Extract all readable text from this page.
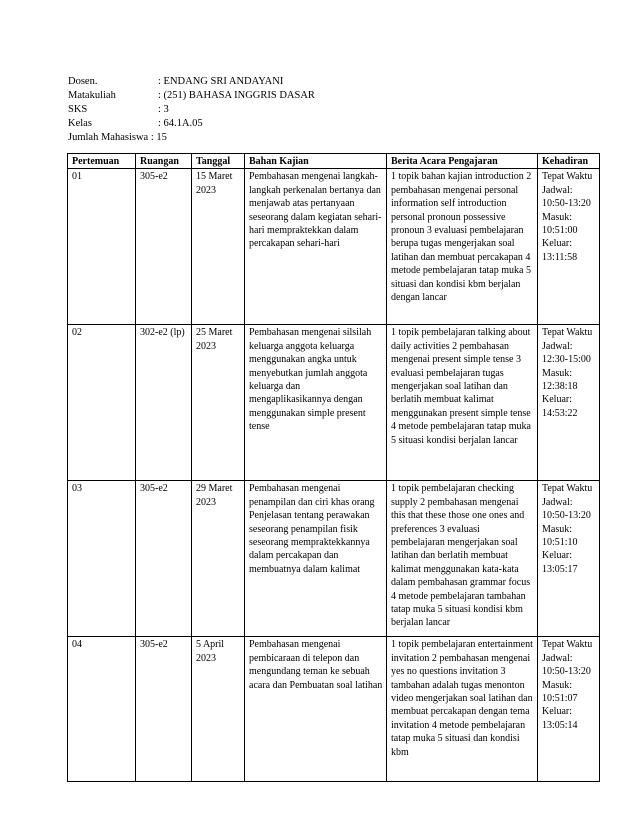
Dosen.	: ENDANG SRI ANDAYANI
Matakuliah	: (251) BAHASA INGGRIS DASAR
SKS	: 3
Kelas	: 64.1A.05
Jumlah Mahasiswa : 15
Pertemuan	Ruangan	Tanggal	Bahan Kajian	Berita Acara Pengajaran	Kehadiran
01	305-e2	15 Maret 2023	Pembahasan mengenai langkah-langkah perkenalan bertanya dan menjawab atas pertanyaan seseorang dalam kegiatan sehari-hari mempraktekkan dalam percakapan sehari-hari	1 topik bahan kajian introduction 2 pembahasan mengenai personal information self introduction personal pronoun possessive pronoun 3 evaluasi pembelajaran berupa tugas mengerjakan soal latihan dan membuat percakapan 4 metode pembelajaran tatap muka 5 situasi dan kondisi kbm berjalan dengan lancar	Tepat Waktu Jadwal: 10:50-13:20 Masuk: 10:51:00 Keluar: 13:11:58
02	302-e2 (lp)	25 Maret 2023	Pembahasan mengenai silsilah keluarga anggota keluarga menggunakan angka untuk menyebutkan jumlah anggota keluarga dan mengaplikasikannya dengan menggunakan simple present tense	1 topik pembelajaran talking about daily activities 2 pembahasan mengenai present simple tense 3 evaluasi pembelajaran tugas mengerjakan soal latihan dan berlatih membuat kalimat menggunakan present simple tense 4 metode pembelajaran tatap muka 5 situasi kondisi berjalan lancar	Tepat Waktu Jadwal: 12:30-15:00 Masuk: 12:38:18 Keluar: 14:53:22
03	305-e2	29 Maret 2023	Pembahasan mengenai penampilan dan ciri khas orang Penjelasan tentang perawakan seseorang penampilan fisik seseorang mempraktekkannya dalam percakapan dan membuatnya dalam kalimat	1 topik pembelajaran checking supply 2 pembahasan mengenai this that these those one ones and preferences 3 evaluasi pembelajaran mengerjakan soal latihan dan berlatih membuat kalimat menggunakan kata-kata dalam pembahasan grammar focus 4 metode pembelajaran tambahan tatap muka 5 situasi kondisi kbm berjalan lancar	Tepat Waktu Jadwal: 10:50-13:20 Masuk: 10:51:10 Keluar: 13:05:17
04	305-e2	5 April 2023	Pembahasan mengenai pembicaraan di telepon dan mengundang teman ke sebuah acara dan Pembuatan soal latihan	1 topik pembelajaran entertainment invitation 2 pembahasan mengenai yes no questions invitation 3 tambahan adalah tugas menonton video mengerjakan soal latihan dan membuat percakapan dengan tema invitation 4 metode pembelajaran tatap muka 5 situasi dan kondisi kbm	Tepat Waktu Jadwal: 10:50-13:20 Masuk: 10:51:07 Keluar: 13:05:14
